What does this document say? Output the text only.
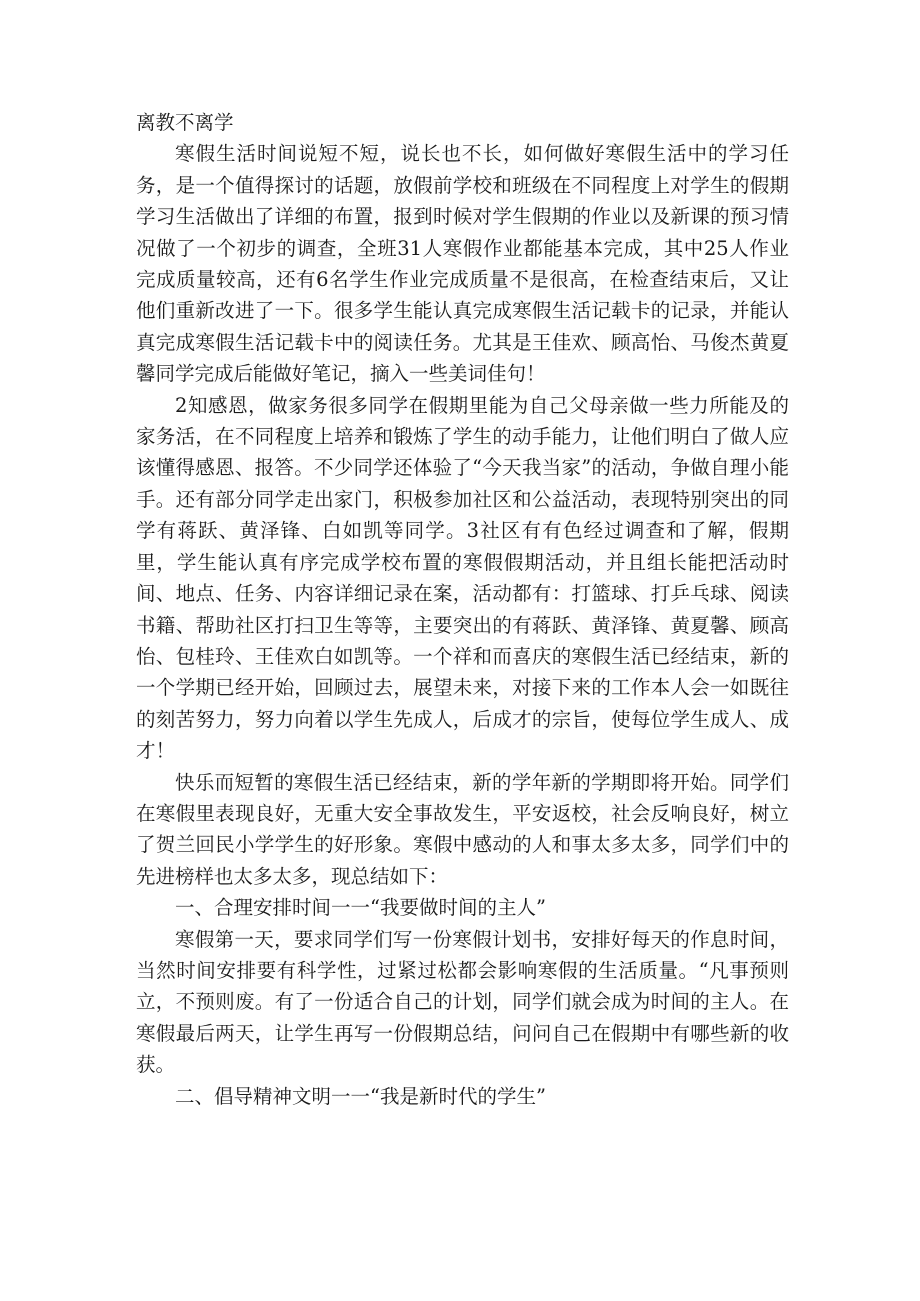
离教不离学

寒假生活时间说短不短，说长也不长，如何做好寒假生活中的学习任务，是一个值得探讨的话题，放假前学校和班级在不同程度上对学生的假期学习生活做出了详细的布置，报到时候对学生假期的作业以及新课的预习情况做了一个初步的调查，全班31人寒假作业都能基本完成，其中25人作业完成质量较高，还有6名学生作业完成质量不是很高，在检查结束后，又让他们重新改进了一下。很多学生能认真完成寒假生活记载卡的记录，并能认真完成寒假生活记载卡中的阅读任务。尤其是王佳欢、顾高怡、马俊杰黄夏馨同学完成后能做好笔记，摘入一些美词佳句！

2知感恩，做家务很多同学在假期里能为自己父母亲做一些力所能及的家务活，在不同程度上培养和锻炼了学生的动手能力，让他们明白了做人应该懂得感恩、报答。不少同学还体验了“今天我当家”的活动，争做自理小能手。还有部分同学走出家门，积极参加社区和公益活动，表现特别突出的同学有蒋跃、黄泽锋、白如凯等同学。3社区有有色经过调查和了解，假期里，学生能认真有序完成学校布置的寒假假期活动，并且组长能把活动时间、地点、任务、内容详细记录在案，活动都有：打篮球、打乒乓球、阅读书籍、帮助社区打扫卫生等等，主要突出的有蒋跃、黄泽锋、黄夏馨、顾高怡、包桂玲、王佳欢白如凯等。一个祥和而喜庆的寒假生活已经结束，新的一个学期已经开始，回顾过去，展望未来，对接下来的工作本人会一如既往的刻苦努力，努力向着以学生先成人，后成才的宗旨，使每位学生成人、成才！

快乐而短暂的寒假生活已经结束，新的学年新的学期即将开始。同学们在寒假里表现良好，无重大安全事故发生，平安返校，社会反响良好，树立了贺兰回民小学学生的好形象。寒假中感动的人和事太多太多，同学们中的先进榜样也太多太多，现总结如下：

一、合理安排时间一一“我要做时间的主人”

寒假第一天，要求同学们写一份寒假计划书，安排好每天的作息时间，当然时间安排要有科学性，过紧过松都会影响寒假的生活质量。“凡事预则立，不预则废。有了一份适合自己的计划，同学们就会成为时间的主人。在寒假最后两天，让学生再写一份假期总结，问问自己在假期中有哪些新的收获。

二、倡导精神文明一一“我是新时代的学生”
